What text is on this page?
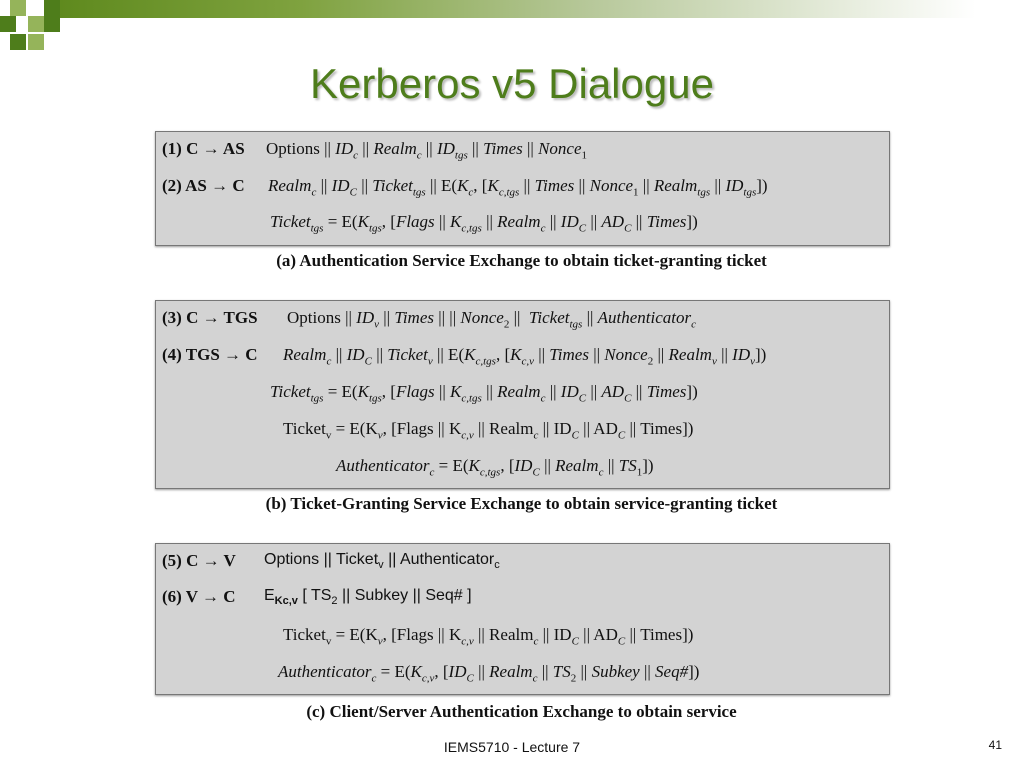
Kerberos v5 Dialogue
(1) C → AS Options || $ID_c$ || Realm$_c$ || $ID_{tgs}$ || Times || Nonce$_1$
(2) AS → C Realm$_c$ || $ID_C$ || Ticket$_{tgs}$ || $E(K_c$, [$K_{c,tgs}$ || Times || Nonce$_1$ || Realm$_{tgs}$ || $ID_{tgs}$])
Ticket$_{tgs}$ = $E(K_{tgs}$, [Flags || $K_{c,tgs}$ || Realm$_c$ || $ID_C$ || $AD_C$ || Times])
(a) Authentication Service Exchange to obtain ticket-granting ticket
(3) C → TGS Options || $ID_v$ || Times || || Nonce$_2$ ||  Ticket$_{tgs}$ || Authenticator$_c$
(4) TGS → C Realm$_c$ || $ID_C$ || Ticket$_v$ || $E(K_{c,tgs}$, [$K_{c,v}$ || Times || Nonce$_2$ || Realm$_v$ || $ID_v$])
Ticket$_{tgs}$ = $E(K_{tgs}$, [Flags || $K_{c,tgs}$ || Realm$_c$ || $ID_C$ || $AD_C$ || Times])
Ticket$_v$ = $E(K_v$, [Flags || $K_{c,v}$ || Realm$_c$ || $ID_C$ || $AD_C$ || Times])
Authenticator$_c$ = $E(K_{c,tgs}$, [$ID_C$ || Realm$_c$ || $TS_1$])
(b) Ticket-Granting Service Exchange to obtain service-granting ticket
(5) C → V Options || Ticket$_v$ || Authenticator$_c$
(6) V → C $E_{Kc,v}$ [ $TS_2$ || Subkey || Seq# ]
Ticket$_v$ = $E(K_v$, [Flags || $K_{c,v}$ || Realm$_c$ || $ID_C$ || $AD_C$ || Times])
Authenticator$_c$ = $E(K_{c,v}$, [$ID_C$ || Realm$_c$ || $TS_2$ || Subkey || Seq#])
(c) Client/Server Authentication Exchange to obtain service
IEMS5710 - Lecture 7	41
